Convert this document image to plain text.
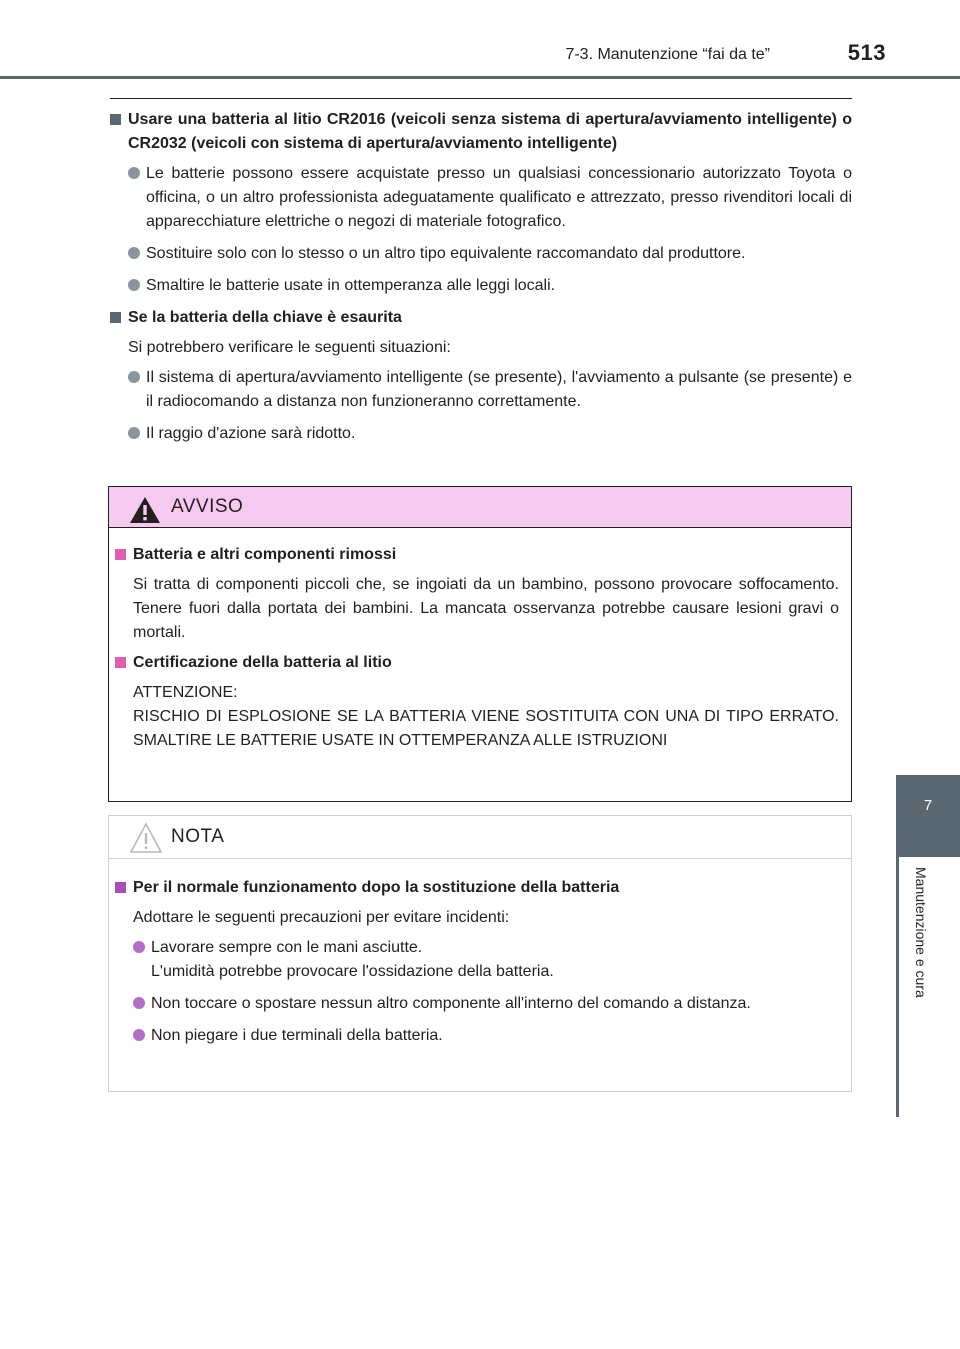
7-3. Manutenzione “fai da te”	513
7
Manutenzione e cura
Usare una batteria al litio CR2016 (veicoli senza sistema di apertura/avviamento intelligente) o CR2032 (veicoli con sistema di apertura/avviamento intelligente)
Le batterie possono essere acquistate presso un qualsiasi concessionario autorizzato Toyota o officina, o un altro professionista adeguatamente qualificato e attrezzato, presso rivenditori locali di apparecchiature elettriche o negozi di materiale fotografico.
Sostituire solo con lo stesso o un altro tipo equivalente raccomandato dal produttore.
Smaltire le batterie usate in ottemperanza alle leggi locali.
Se la batteria della chiave è esaurita
Si potrebbero verificare le seguenti situazioni:
Il sistema di apertura/avviamento intelligente (se presente), l'avviamento a pulsante (se presente) e il radiocomando a distanza non funzioneranno correttamente.
Il raggio d'azione sarà ridotto.
AVVISO
Batteria e altri componenti rimossi
Si tratta di componenti piccoli che, se ingoiati da un bambino, possono provocare soffocamento. Tenere fuori dalla portata dei bambini. La mancata osservanza potrebbe causare lesioni gravi o mortali.
Certificazione della batteria al litio
ATTENZIONE:
RISCHIO DI ESPLOSIONE SE LA BATTERIA VIENE SOSTITUITA CON UNA DI TIPO ERRATO. SMALTIRE LE BATTERIE USATE IN OTTEMPERANZA ALLE ISTRUZIONI
NOTA
Per il normale funzionamento dopo la sostituzione della batteria
Adottare le seguenti precauzioni per evitare incidenti:
Lavorare sempre con le mani asciutte.
L'umidità potrebbe provocare l'ossidazione della batteria.
Non toccare o spostare nessun altro componente all'interno del comando a distanza.
Non piegare i due terminali della batteria.
